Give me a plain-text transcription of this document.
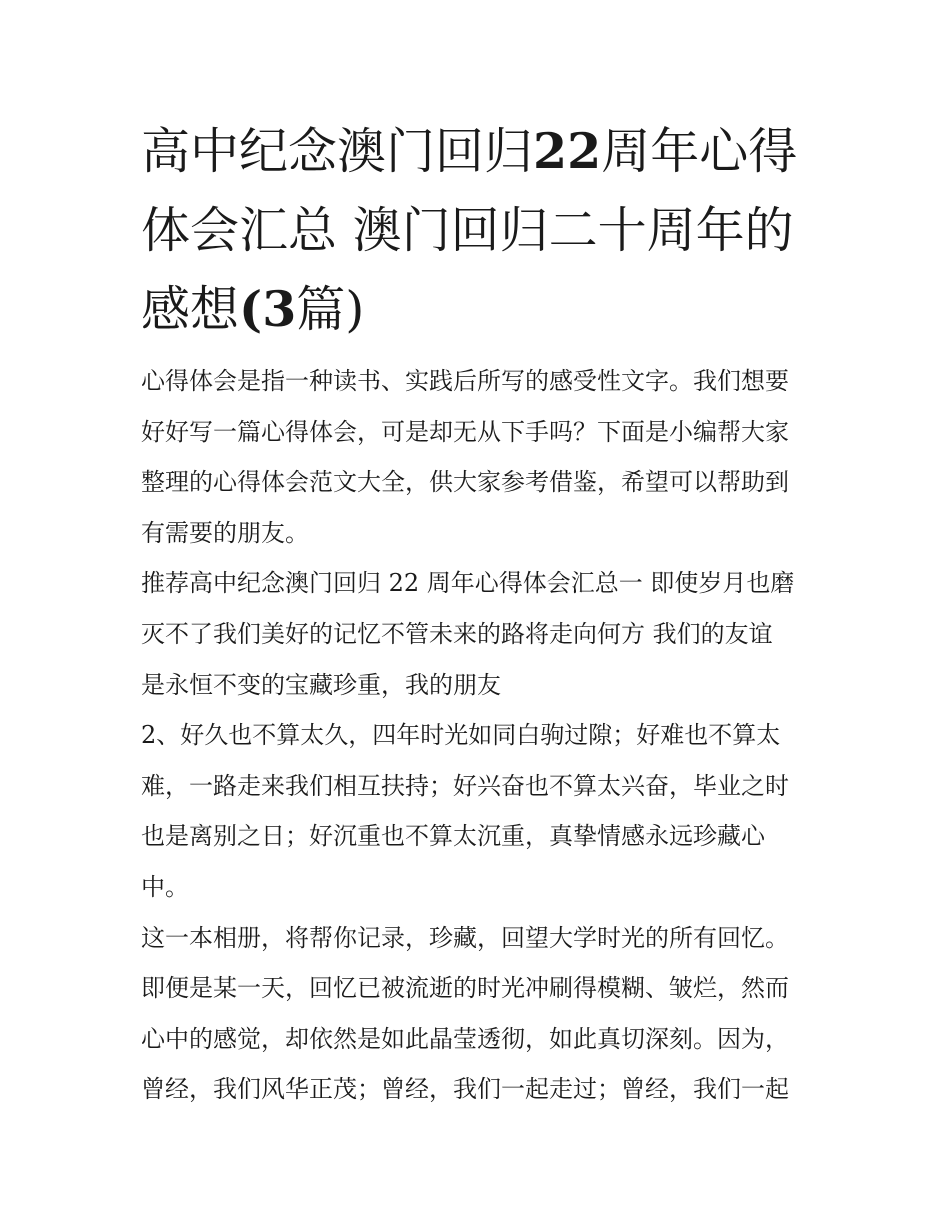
高中纪念澳门回归22周年心得
体会汇总 澳门回归二十周年的
感想(3篇)

心得体会是指一种读书、实践后所写的感受性文字。我们想要
好好写一篇心得体会，可是却无从下手吗？下面是小编帮大家
整理的心得体会范文大全，供大家参考借鉴，希望可以帮助到
有需要的朋友。

推荐高中纪念澳门回归 22 周年心得体会汇总一 即使岁月也磨
灭不了我们美好的记忆不管未来的路将走向何方 我们的友谊
是永恒不变的宝藏珍重，我的朋友

2、好久也不算太久，四年时光如同白驹过隙；好难也不算太
难，一路走来我们相互扶持；好兴奋也不算太兴奋，毕业之时
也是离别之日；好沉重也不算太沉重，真挚情感永远珍藏心
中。

这一本相册，将帮你记录，珍藏，回望大学时光的所有回忆。
即便是某一天，回忆已被流逝的时光冲刷得模糊、皱烂，然而
心中的感觉，却依然是如此晶莹透彻，如此真切深刻。因为，
曾经，我们风华正茂；曾经，我们一起走过；曾经，我们一起
